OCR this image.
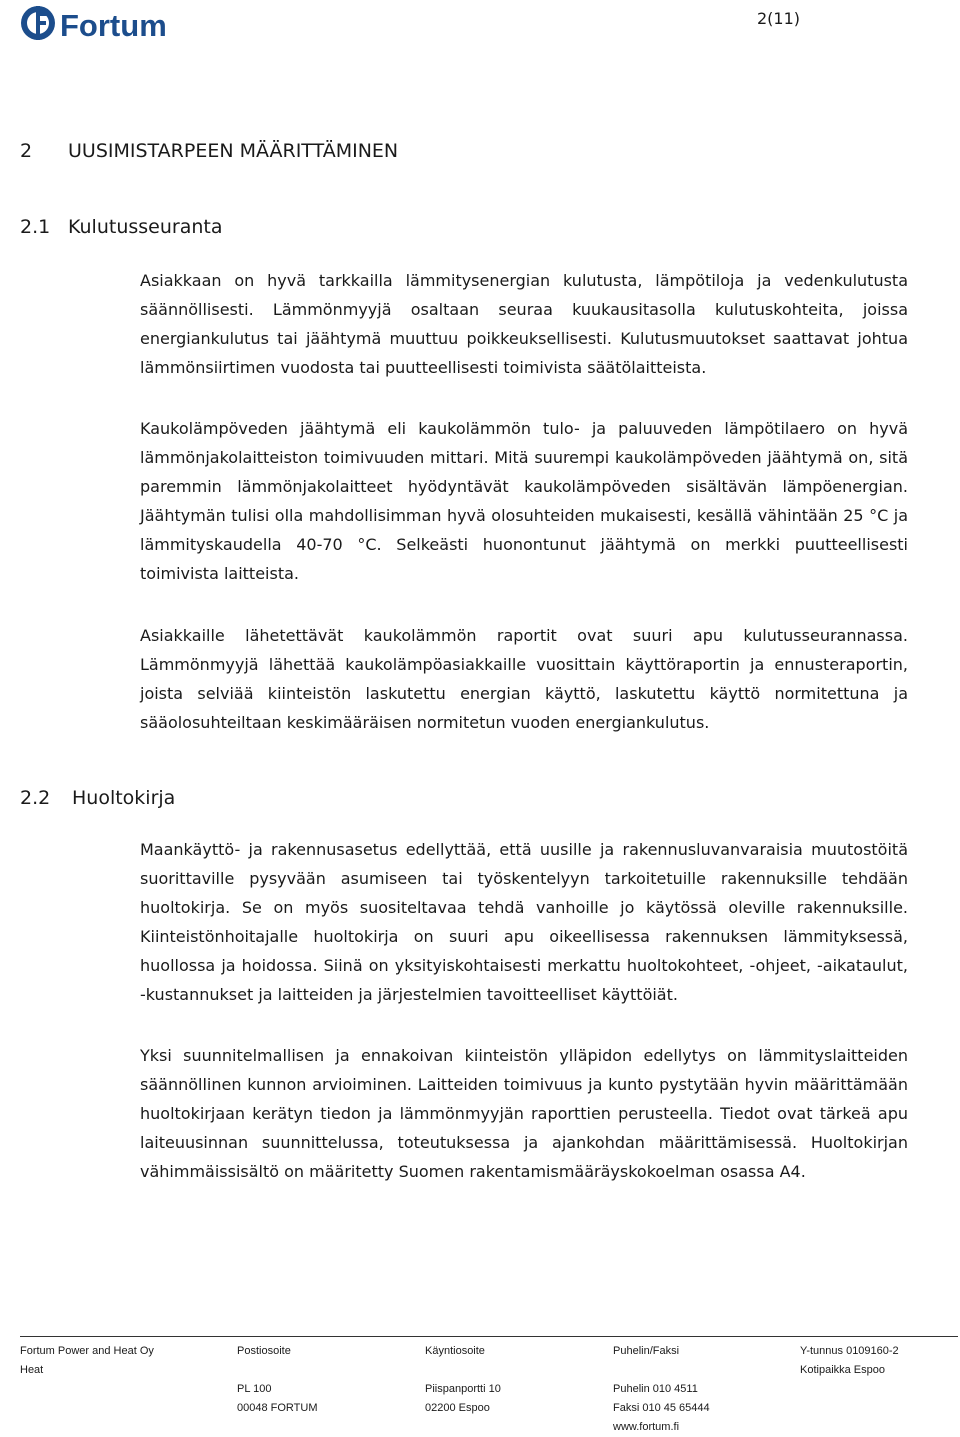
Fortum	2(11)
2 UUSIMISTARPEEN MÄÄRITTÄMINEN
2.1 Kulutusseuranta

Asiakkaan on hyvä tarkkailla lämmitysenergian kulutusta, lämpötiloja ja vedenkulutusta säännöllisesti. Lämmönmyyjä osaltaan seuraa kuukausitasolla kulutuskohteita, joissa energiankulutus tai jäähtymä muuttuu poikkeuksellisesti. Kulutusmuutokset saattavat johtua lämmönsiirtimen vuodosta tai puutteellisesti toimivista säätölaitteista.

Kaukolämpöveden jäähtymä eli kaukolämmön tulo- ja paluuveden lämpötilaero on hyvä lämmönjakolaitteiston toimivuuden mittari. Mitä suurempi kaukolämpöveden jäähtymä on, sitä paremmin lämmönjakolaitteet hyödyntävät kaukolämpöveden sisältävän lämpöenergian. Jäähtymän tulisi olla mahdollisimman hyvä olosuhteiden mukaisesti, kesällä vähintään 25 °C ja lämmityskaudella 40-70 °C. Selkeästi huonontunut jäähtymä on merkki puutteellisesti toimivista laitteista.

Asiakkaille lähetettävät kaukolämmön raportit ovat suuri apu kulutusseurannassa. Lämmönmyyjä lähettää kaukolämpöasiakkaille vuosittain käyttöraportin ja ennusteraportin, joista selviää kiinteistön laskutettu energian käyttö, laskutettu käyttö normitettuna ja sääolosuhteiltaan keskimääräisen normitetun vuoden energiankulutus.

2.2 Huoltokirja

Maankäyttö- ja rakennusasetus edellyttää, että uusille ja rakennusluvanvaraisia muutostöitä suorittaville pysyvään asumiseen tai työskentelyyn tarkoitetuille rakennuksille tehdään huoltokirja. Se on myös suositeltavaa tehdä vanhoille jo käytössä oleville rakennuksille. Kiinteistönhoitajalle huoltokirja on suuri apu oikeellisessa rakennuksen lämmityksessä, huollossa ja hoidossa. Siinä on yksityiskohtaisesti merkattu huoltokohteet, -ohjeet, -aikataulut, -kustannukset ja laitteiden ja järjestelmien tavoitteelliset käyttöiät.

Yksi suunnitelmallisen ja ennakoivan kiinteistön ylläpidon edellytys on lämmityslaitteiden säännöllinen kunnon arvioiminen. Laitteiden toimivuus ja kunto pystytään hyvin määrittämään huoltokirjaan kerätyn tiedon ja lämmönmyyjän raporttien perusteella. Tiedot ovat tärkeä apu laiteuusinnan suunnittelussa, toteutuksessa ja ajankohdan määrittämisessä. Huoltokirjan vähimmäissisältö on määritetty Suomen rakentamismääräyskokoelman osassa A4.

Fortum Power and Heat Oy
Heat
Postiosoite
PL 100
00048 FORTUM
Käyntiosoite
Piispanportti 10
02200 Espoo
Puhelin/Faksi
Puhelin 010 4511
Faksi 010 45 65444
www.fortum.fi
Y-tunnus 0109160-2
Kotipaikka Espoo
